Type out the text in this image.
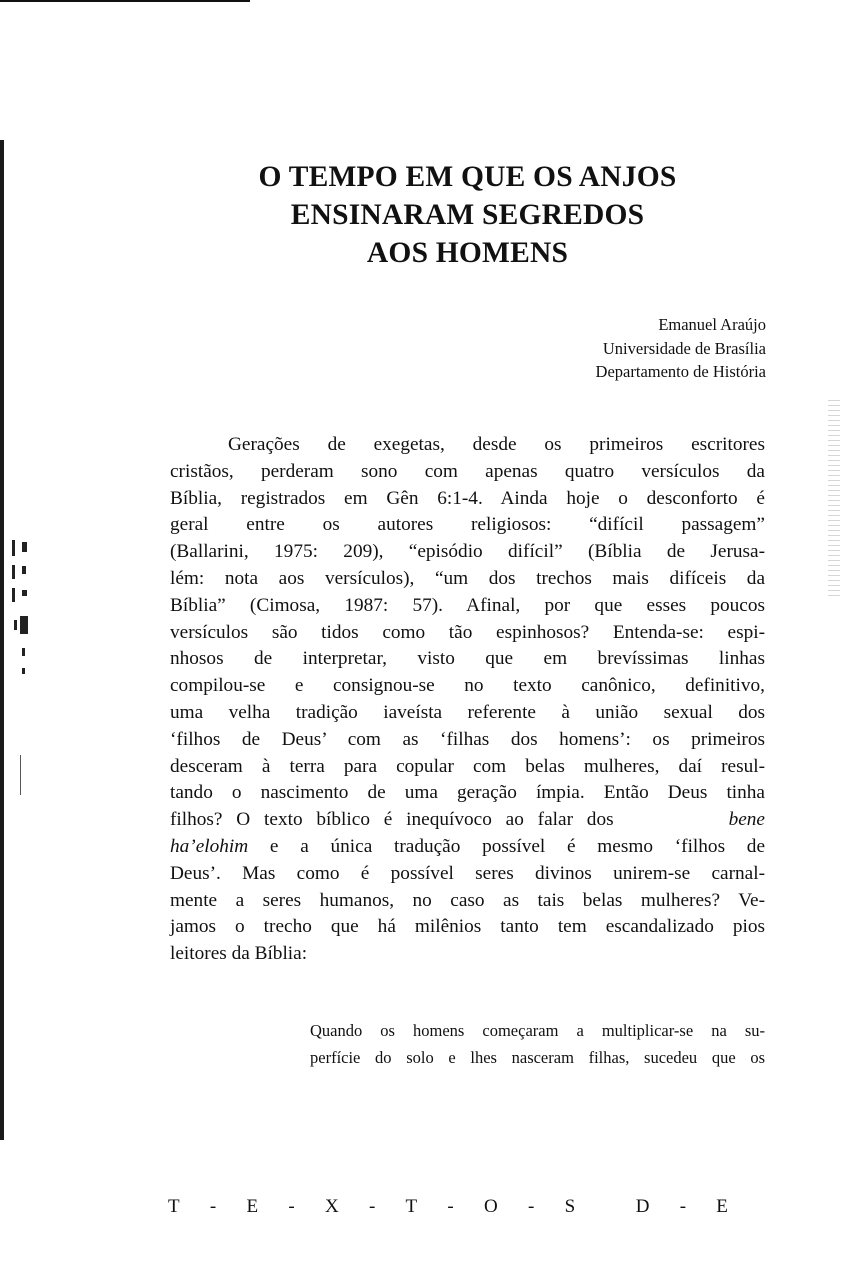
O TEMPO EM QUE OS ANJOS
ENSINARAM SEGREDOS
AOS HOMENS
Emanuel Araújo
Universidade de Brasília
Departamento de História
Gerações de exegetas, desde os primeiros escritores
cristãos, perderam sono com apenas quatro versículos da
Bíblia, registrados em Gên 6:1-4. Ainda hoje o desconforto é
geral entre os autores religiosos: “difícil passagem”
(Ballarini, 1975: 209), “episódio difícil” (Bíblia de Jerusa-
lém: nota aos versículos), “um dos trechos mais difíceis da
Bíblia” (Cimosa, 1987: 57). Afinal, por que esses poucos
versículos são tidos como tão espinhosos? Entenda-se: espi-
nhosos de interpretar, visto que em brevíssimas linhas
compilou-se e consignou-se no texto canônico, definitivo,
uma velha tradição iaveísta referente à união sexual dos
‘filhos de Deus’ com as ‘filhas dos homens’: os primeiros
desceram à terra para copular com belas mulheres, daí resul-
tando o nascimento de uma geração ímpia. Então Deus tinha
filhos? O texto bíblico é inequívoco ao falar dos	bene
ha’elohim e a única tradução possível é mesmo ‘filhos de
Deus’. Mas como é possível seres divinos unirem-se carnal-
mente a seres humanos, no caso as tais belas mulheres? Ve-
jamos o trecho que há milênios tanto tem escandalizado pios
leitores da Bíblia:
Quando os homens começaram a multiplicar-se na su-
perfície do solo e lhes nasceram filhas, sucedeu que os
T - E - X - T - O - S	D - E
